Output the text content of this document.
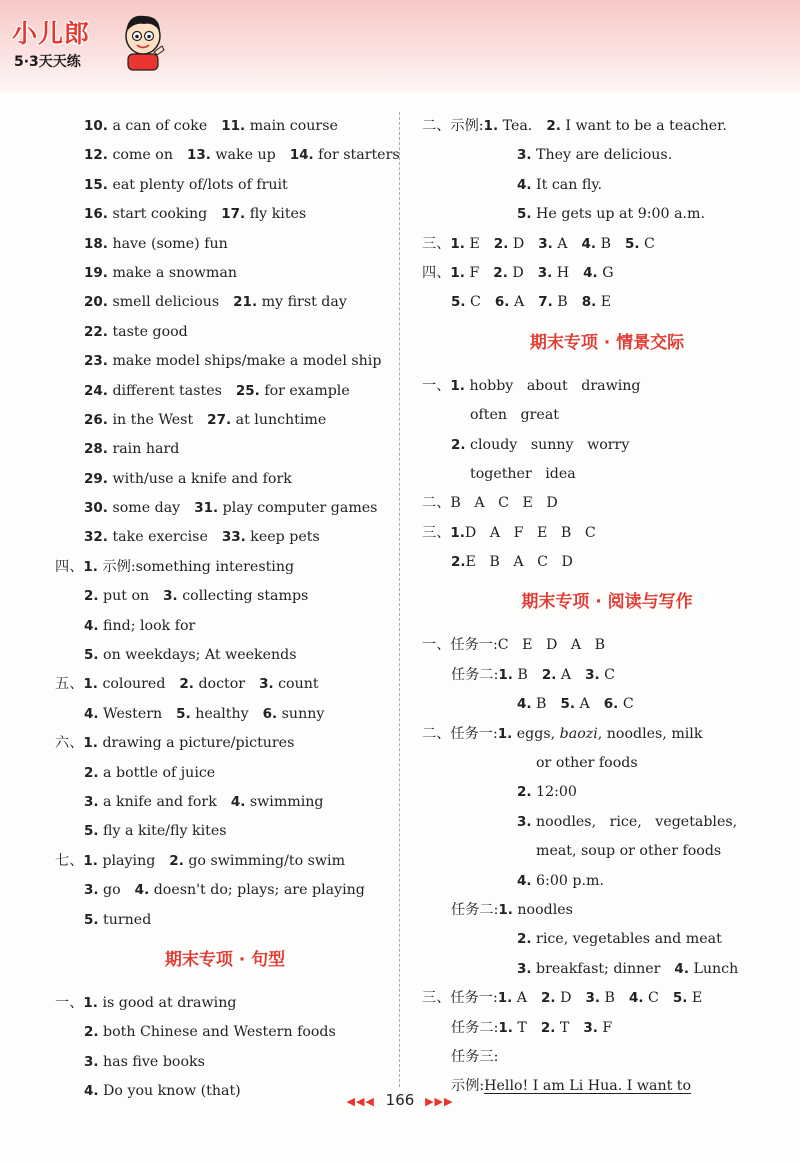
小儿郎
5·3天天练
10. a can of coke 11. main course
12. come on 13. wake up 14. for starters
15. eat plenty of/lots of fruit
16. start cooking 17. fly kites
18. have (some) fun
19. make a snowman
20. smell delicious 21. my first day
22. taste good
23. make model ships/make a model ship
24. different tastes 25. for example
26. in the West 27. at lunchtime
28. rain hard
29. with/use a knife and fork
30. some day 31. play computer games
32. take exercise 33. keep pets
四、1. 示例:something interesting
2. put on 3. collecting stamps
4. find; look for
5. on weekdays; At weekends
五、1. coloured 2. doctor 3. count
4. Western 5. healthy 6. sunny
六、1. drawing a picture/pictures
2. a bottle of juice
3. a knife and fork 4. swimming
5. fly a kite/fly kites
七、1. playing 2. go swimming/to swim
3. go 4. doesn't do; plays; are playing
5. turned
期末专项 · 句型
一、1. is good at drawing
2. both Chinese and Western foods
3. has five books
4. Do you know (that)
二、示例:1. Tea. 2. I want to be a teacher.
3. They are delicious.
4. It can fly.
5. He gets up at 9:00 a.m.
三、1. E 2. D 3. A 4. B 5. C
四、1. F 2. D 3. H 4. G
5. C 6. A 7. B 8. E
期末专项 · 情景交际
一、1. hobby   about   drawing
often   great
2. cloudy   sunny   worry
together   idea
二、B   A   C   E   D
三、1.D   A   F   E   B   C
2.E   B   A   C   D
期末专项 · 阅读与写作
一、任务一:C   E   D   A   B
任务二:1. B 2. A 3. C
4. B 5. A 6. C
二、任务一:1. eggs, baozi, noodles, milk
or other foods
2. 12:00
3. noodles,   rice,   vegetables,
meat, soup or other foods
4. 6:00 p.m.
任务二:1. noodles
2. rice, vegetables and meat
3. breakfast; dinner 4. Lunch
三、任务一:1. A 2. D 3. B 4. C 5. E
任务二:1. T 2. T 3. F
任务三:
示例:Hello! I am Li Hua. I want to
◀◀◀ 166 ▶▶▶
